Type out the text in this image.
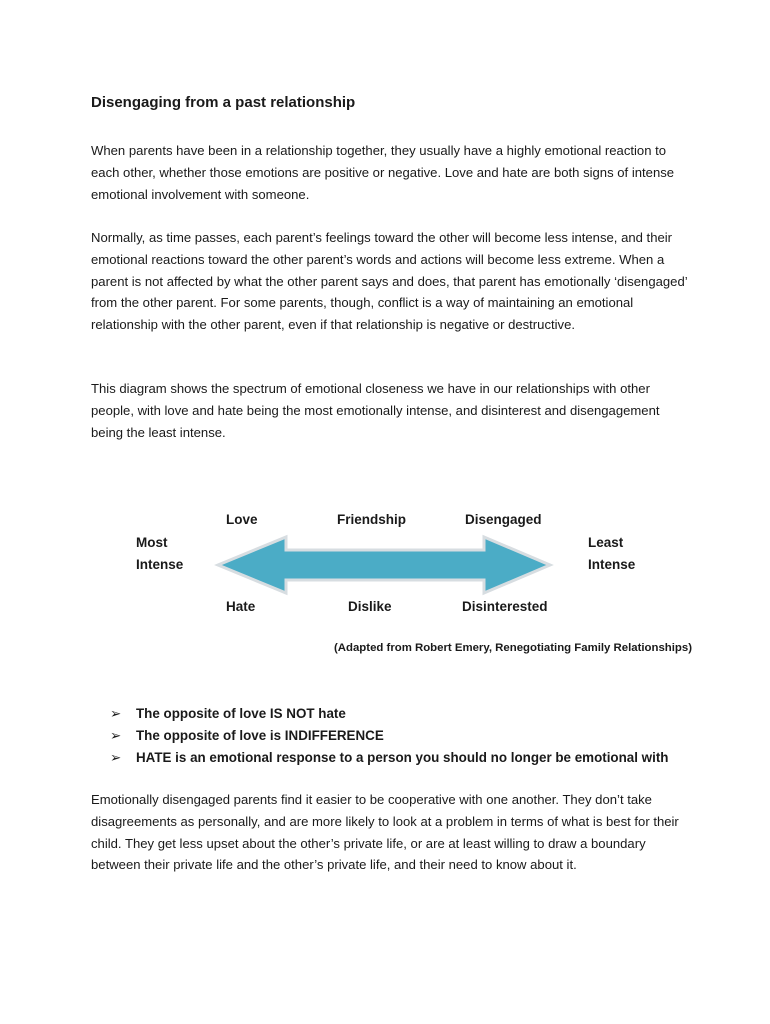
Disengaging from a past relationship

When parents have been in a relationship together, they usually have a highly emotional reaction to each other, whether those emotions are positive or negative. Love and hate are both signs of intense emotional involvement with someone.

Normally, as time passes, each parent’s feelings toward the other will become less intense, and their emotional reactions toward the other parent’s words and actions will become less extreme. When a parent is not affected by what the other parent says and does, that parent has emotionally ‘disengaged’ from the other parent. For some parents, though, conflict is a way of maintaining an emotional relationship with the other parent, even if that relationship is negative or destructive.

This diagram shows the spectrum of emotional closeness we have in our relationships with other people, with love and hate being the most emotionally intense, and disinterest and disengagement being the least intense.

Love	Friendship	Disengaged

Most
Intense
Least
Intense

Hate	Dislike	Disinterested

(Adapted from Robert Emery, Renegotiating Family Relationships)

➢ The opposite of love IS NOT hate
➢ The opposite of love is INDIFFERENCE
➢ HATE is an emotional response to a person you should no longer be emotional with

Emotionally disengaged parents find it easier to be cooperative with one another. They don’t take disagreements as personally, and are more likely to look at a problem in terms of what is best for their child. They get less upset about the other’s private life, or are at least willing to draw a boundary between their private life and the other’s private life, and their need to know about it.
